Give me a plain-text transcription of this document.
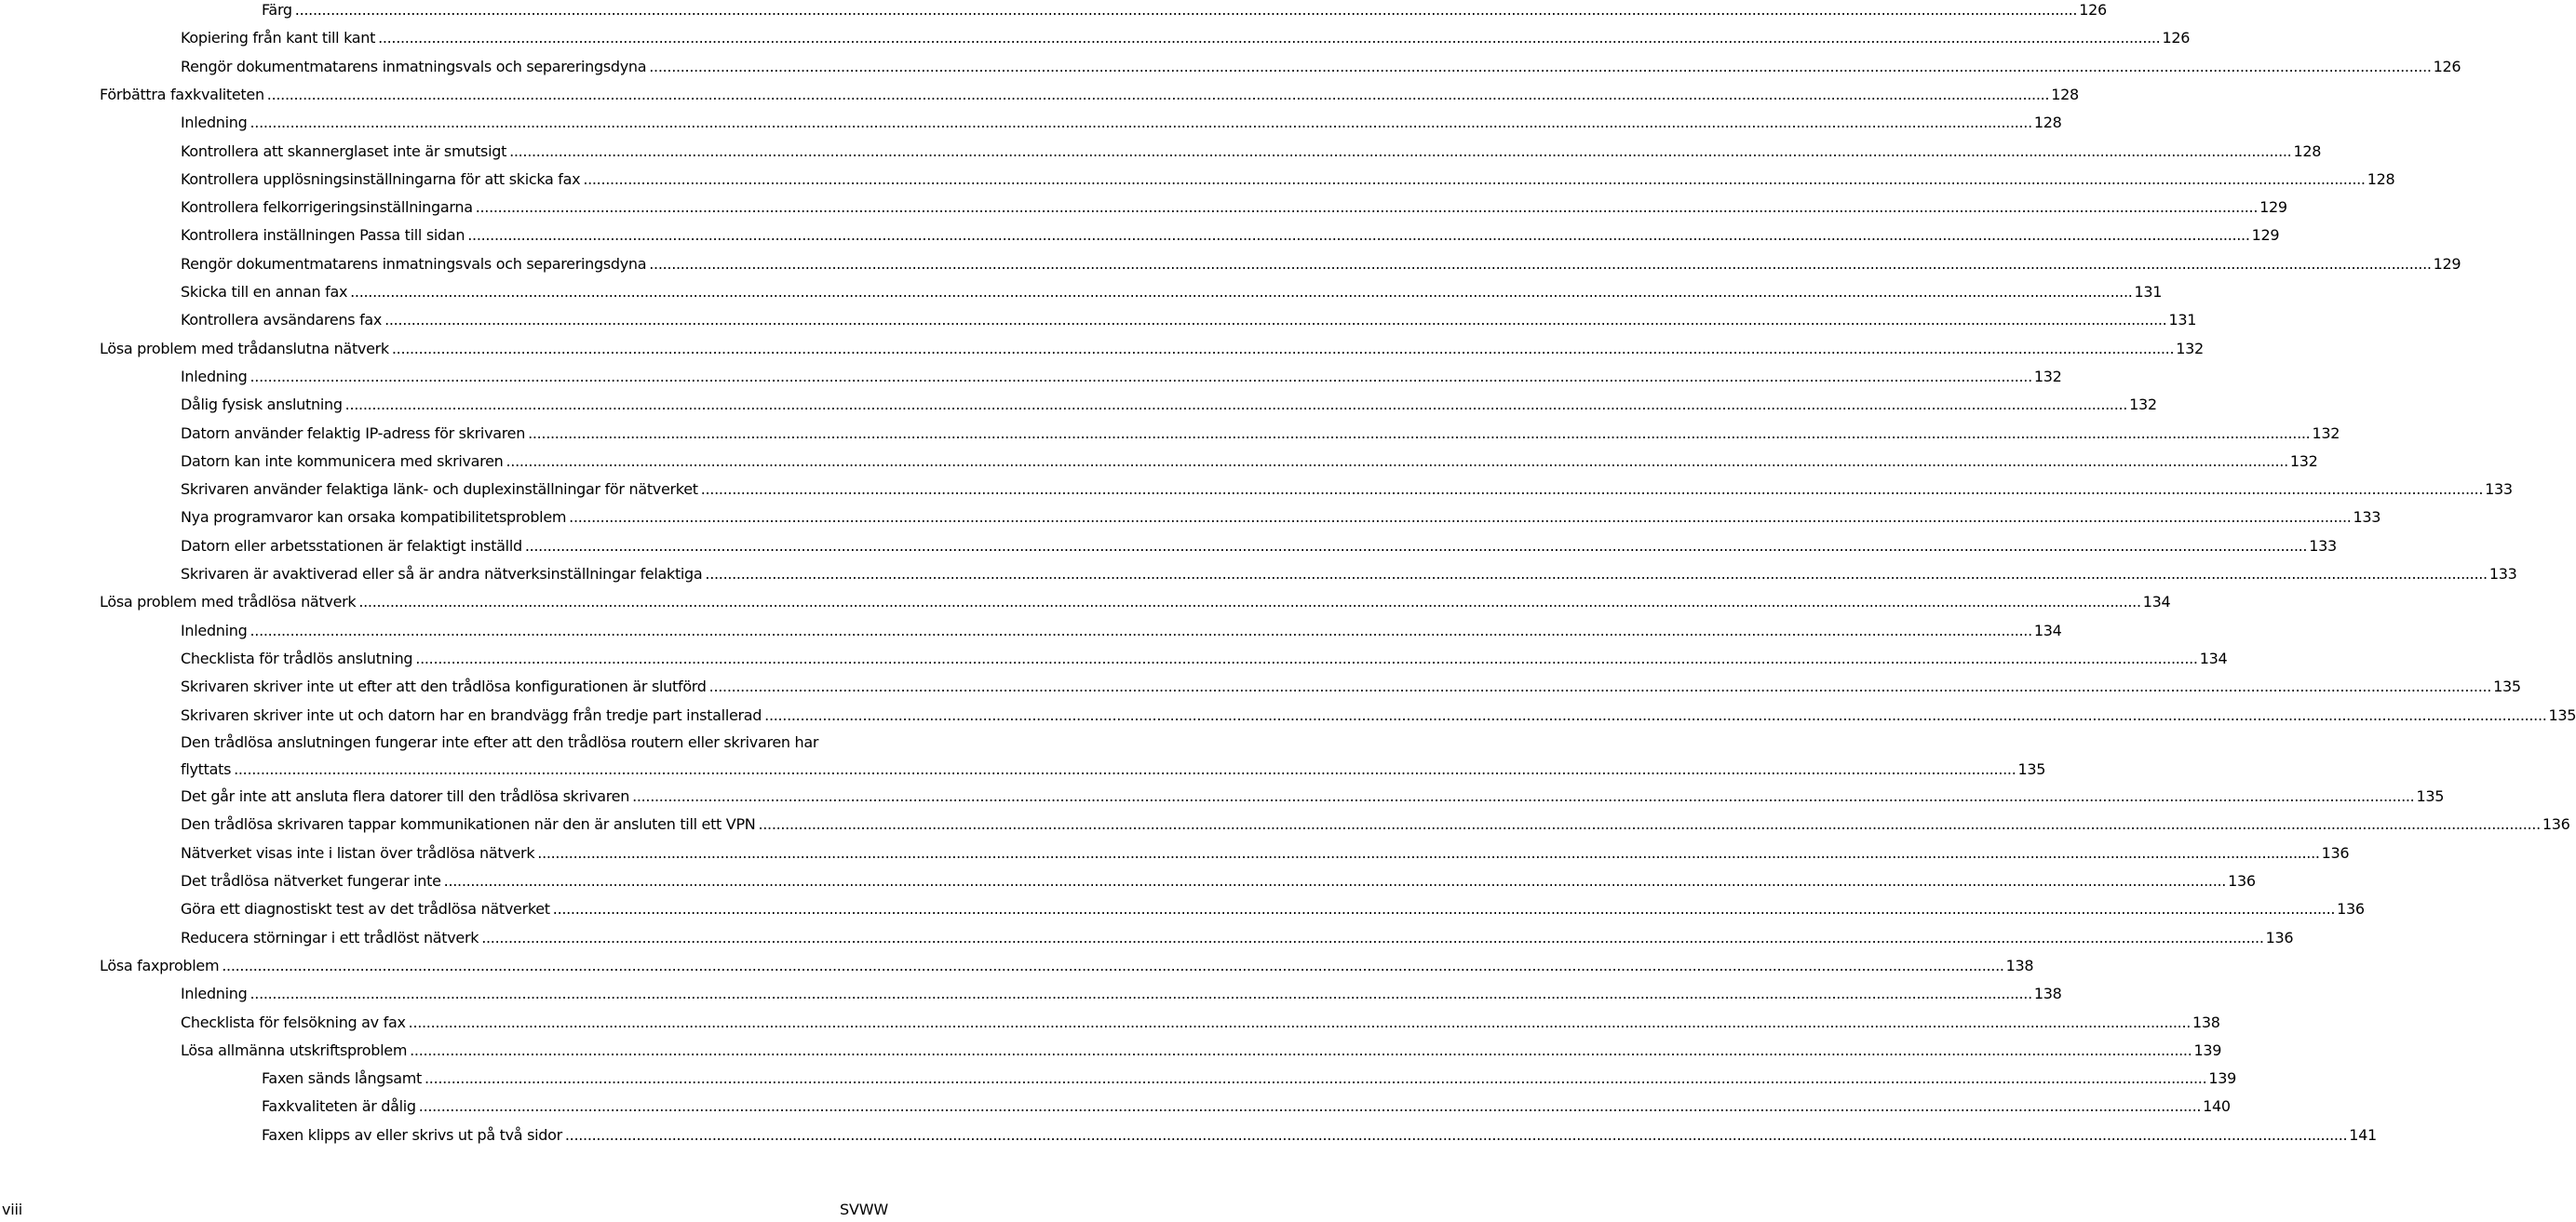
Färg ................................................................................................................................................................................................................................................................................................................................................................................................................ 126
Kopiering från kant till kant ................................................................................................................................................................................................................................................................................................................................................................................................................ 126
Rengör dokumentmatarens inmatningsvals och separeringsdyna ................................................................................................................................................................................................................................................................................................................................................................................................................ 126
Förbättra faxkvaliteten ................................................................................................................................................................................................................................................................................................................................................................................................................ 128
Inledning ................................................................................................................................................................................................................................................................................................................................................................................................................ 128
Kontrollera att skannerglaset inte är smutsigt ................................................................................................................................................................................................................................................................................................................................................................................................................ 128
Kontrollera upplösningsinställningarna för att skicka fax ................................................................................................................................................................................................................................................................................................................................................................................................................ 128
Kontrollera felkorrigeringsinställningarna ................................................................................................................................................................................................................................................................................................................................................................................................................ 129
Kontrollera inställningen Passa till sidan ................................................................................................................................................................................................................................................................................................................................................................................................................ 129
Rengör dokumentmatarens inmatningsvals och separeringsdyna ................................................................................................................................................................................................................................................................................................................................................................................................................ 129
Skicka till en annan fax ................................................................................................................................................................................................................................................................................................................................................................................................................ 131
Kontrollera avsändarens fax ................................................................................................................................................................................................................................................................................................................................................................................................................ 131
Lösa problem med trådanslutna nätverk ................................................................................................................................................................................................................................................................................................................................................................................................................ 132
Inledning ................................................................................................................................................................................................................................................................................................................................................................................................................ 132
Dålig fysisk anslutning ................................................................................................................................................................................................................................................................................................................................................................................................................ 132
Datorn använder felaktig IP-adress för skrivaren ................................................................................................................................................................................................................................................................................................................................................................................................................ 132
Datorn kan inte kommunicera med skrivaren ................................................................................................................................................................................................................................................................................................................................................................................................................ 132
Skrivaren använder felaktiga länk- och duplexinställningar för nätverket ................................................................................................................................................................................................................................................................................................................................................................................................................ 133
Nya programvaror kan orsaka kompatibilitetsproblem ................................................................................................................................................................................................................................................................................................................................................................................................................ 133
Datorn eller arbetsstationen är felaktigt inställd ................................................................................................................................................................................................................................................................................................................................................................................................................ 133
Skrivaren är avaktiverad eller så är andra nätverksinställningar felaktiga ................................................................................................................................................................................................................................................................................................................................................................................................................ 133
Lösa problem med trådlösa nätverk ................................................................................................................................................................................................................................................................................................................................................................................................................ 134
Inledning ................................................................................................................................................................................................................................................................................................................................................................................................................ 134
Checklista för trådlös anslutning ................................................................................................................................................................................................................................................................................................................................................................................................................ 134
Skrivaren skriver inte ut efter att den trådlösa konfigurationen är slutförd ................................................................................................................................................................................................................................................................................................................................................................................................................ 135
Skrivaren skriver inte ut och datorn har en brandvägg från tredje part installerad ................................................................................................................................................................................................................................................................................................................................................................................................................ 135
Den trådlösa anslutningen fungerar inte efter att den trådlösa routern eller skrivaren har
flyttats ................................................................................................................................................................................................................................................................................................................................................................................................................ 135
Det går inte att ansluta flera datorer till den trådlösa skrivaren ................................................................................................................................................................................................................................................................................................................................................................................................................ 135
Den trådlösa skrivaren tappar kommunikationen när den är ansluten till ett VPN ................................................................................................................................................................................................................................................................................................................................................................................................................ 136
Nätverket visas inte i listan över trådlösa nätverk ................................................................................................................................................................................................................................................................................................................................................................................................................ 136
Det trådlösa nätverket fungerar inte ................................................................................................................................................................................................................................................................................................................................................................................................................ 136
Göra ett diagnostiskt test av det trådlösa nätverket ................................................................................................................................................................................................................................................................................................................................................................................................................ 136
Reducera störningar i ett trådlöst nätverk ................................................................................................................................................................................................................................................................................................................................................................................................................ 136
Lösa faxproblem ................................................................................................................................................................................................................................................................................................................................................................................................................ 138
Inledning ................................................................................................................................................................................................................................................................................................................................................................................................................ 138
Checklista för felsökning av fax ................................................................................................................................................................................................................................................................................................................................................................................................................ 138
Lösa allmänna utskriftsproblem ................................................................................................................................................................................................................................................................................................................................................................................................................ 139
Faxen sänds långsamt ................................................................................................................................................................................................................................................................................................................................................................................................................ 139
Faxkvaliteten är dålig ................................................................................................................................................................................................................................................................................................................................................................................................................ 140
Faxen klipps av eller skrivs ut på två sidor ................................................................................................................................................................................................................................................................................................................................................................................................................ 141
viii	SVWW
